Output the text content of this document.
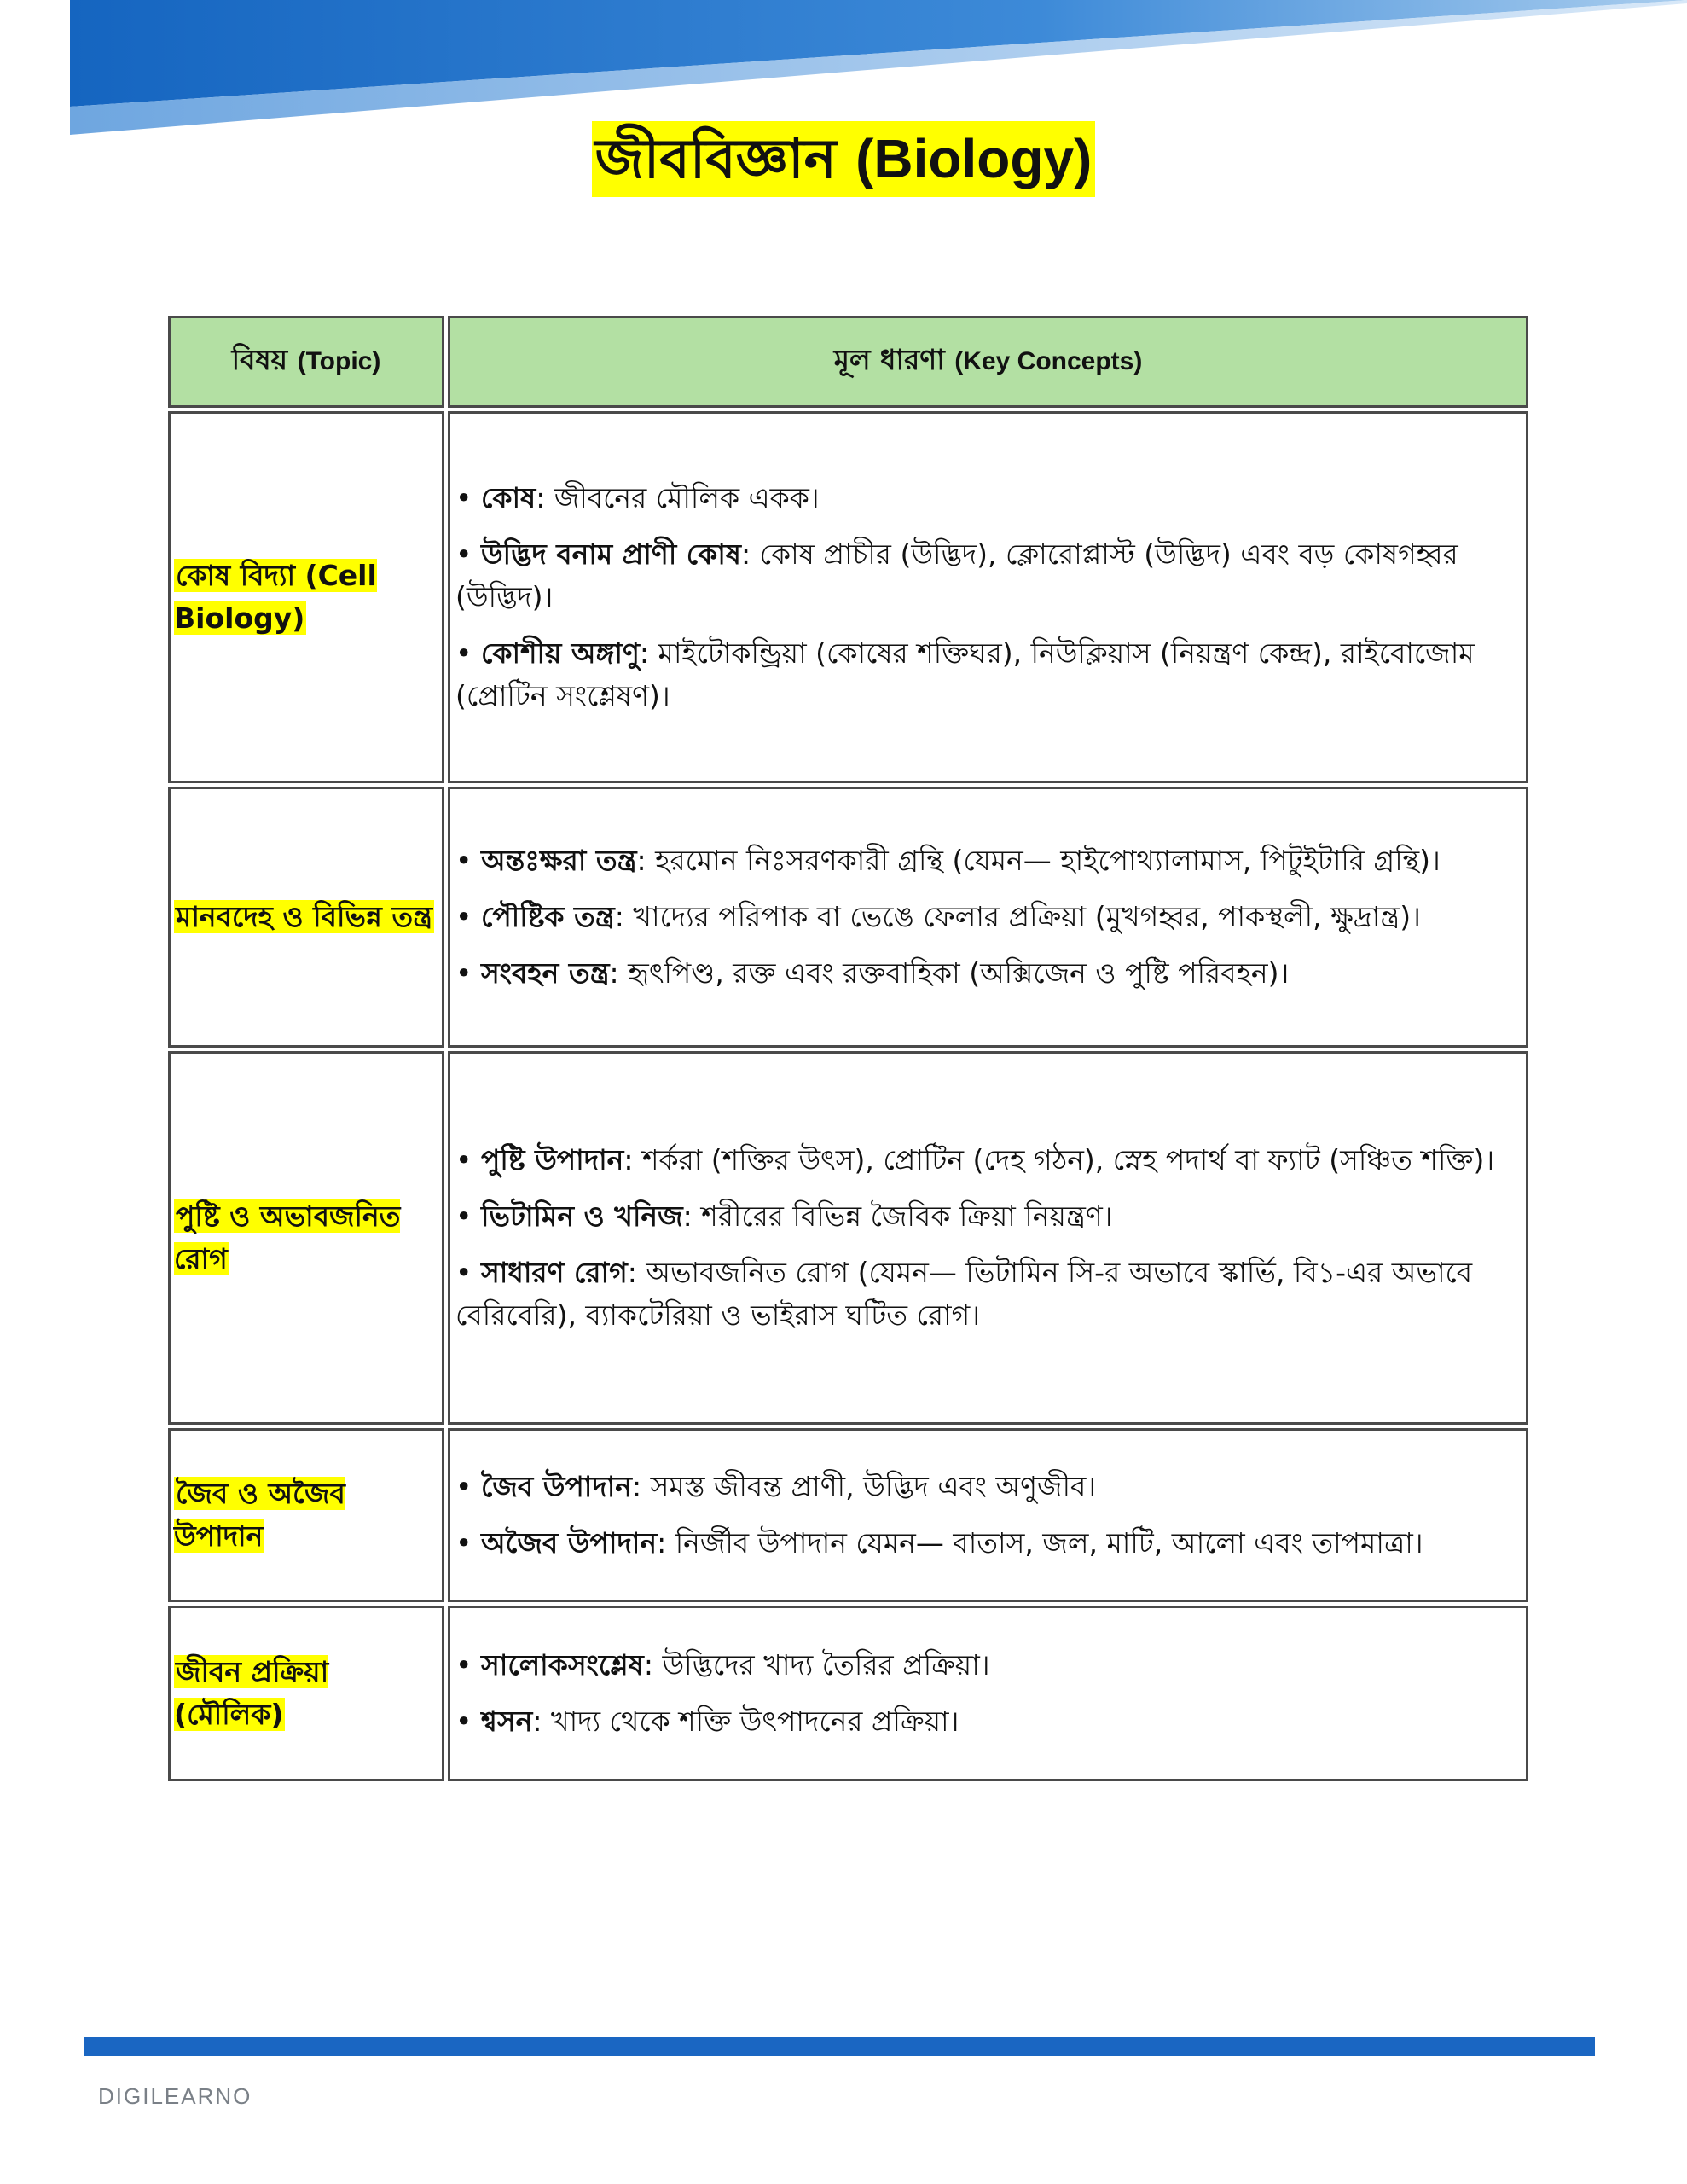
জীববিজ্ঞান (Biology)
বিষয়
(Topic)	মূল ধারণা
(Key Concepts)
কোষ বিদ্যা (Cell Biology)
• কোষ: জীবনের মৌলিক একক।
• উদ্ভিদ বনাম প্রাণী কোষ: কোষ প্রাচীর (উদ্ভিদ), ক্লোরোপ্লাস্ট (উদ্ভিদ) এবং বড় কোষগহ্বর (উদ্ভিদ)।
• কোশীয় অঙ্গাণু: মাইটোকন্ড্রিয়া (কোষের শক্তিঘর), নিউক্লিয়াস (নিয়ন্ত্রণ কেন্দ্র), রাইবোজোম (প্রোটিন সংশ্লেষণ)।
মানবদেহ ও বিভিন্ন তন্ত্র
• অন্তঃক্ষরা তন্ত্র: হরমোন নিঃসরণকারী গ্রন্থি (যেমন— হাইপোথ্যালামাস, পিটুইটারি গ্রন্থি)।
• পৌষ্টিক তন্ত্র: খাদ্যের পরিপাক বা ভেঙে ফেলার প্রক্রিয়া (মুখগহ্বর, পাকস্থলী, ক্ষুদ্রান্ত্র)।
• সংবহন তন্ত্র: হৃৎপিণ্ড, রক্ত এবং রক্তবাহিকা (অক্সিজেন ও পুষ্টি পরিবহন)।
পুষ্টি ও অভাবজনিত রোগ
• পুষ্টি উপাদান: শর্করা (শক্তির উৎস), প্রোটিন (দেহ গঠন), স্নেহ পদার্থ বা ফ্যাট (সঞ্চিত শক্তি)।
• ভিটামিন ও খনিজ: শরীরের বিভিন্ন জৈবিক ক্রিয়া নিয়ন্ত্রণ।
• সাধারণ রোগ: অভাবজনিত রোগ (যেমন— ভিটামিন সি-র অভাবে স্কার্ভি, বি১-এর অভাবে বেরিবেরি), ব্যাকটেরিয়া ও ভাইরাস ঘটিত রোগ।
জৈব ও অজৈব উপাদান
• জৈব উপাদান: সমস্ত জীবন্ত প্রাণী, উদ্ভিদ এবং অণুজীব।
• অজৈব উপাদান: নির্জীব উপাদান যেমন— বাতাস, জল, মাটি, আলো এবং তাপমাত্রা।
জীবন প্রক্রিয়া (মৌলিক)
• সালোকসংশ্লেষ: উদ্ভিদের খাদ্য তৈরির প্রক্রিয়া।
• শ্বসন: খাদ্য থেকে শক্তি উৎপাদনের প্রক্রিয়া।
DIGILEARNO
